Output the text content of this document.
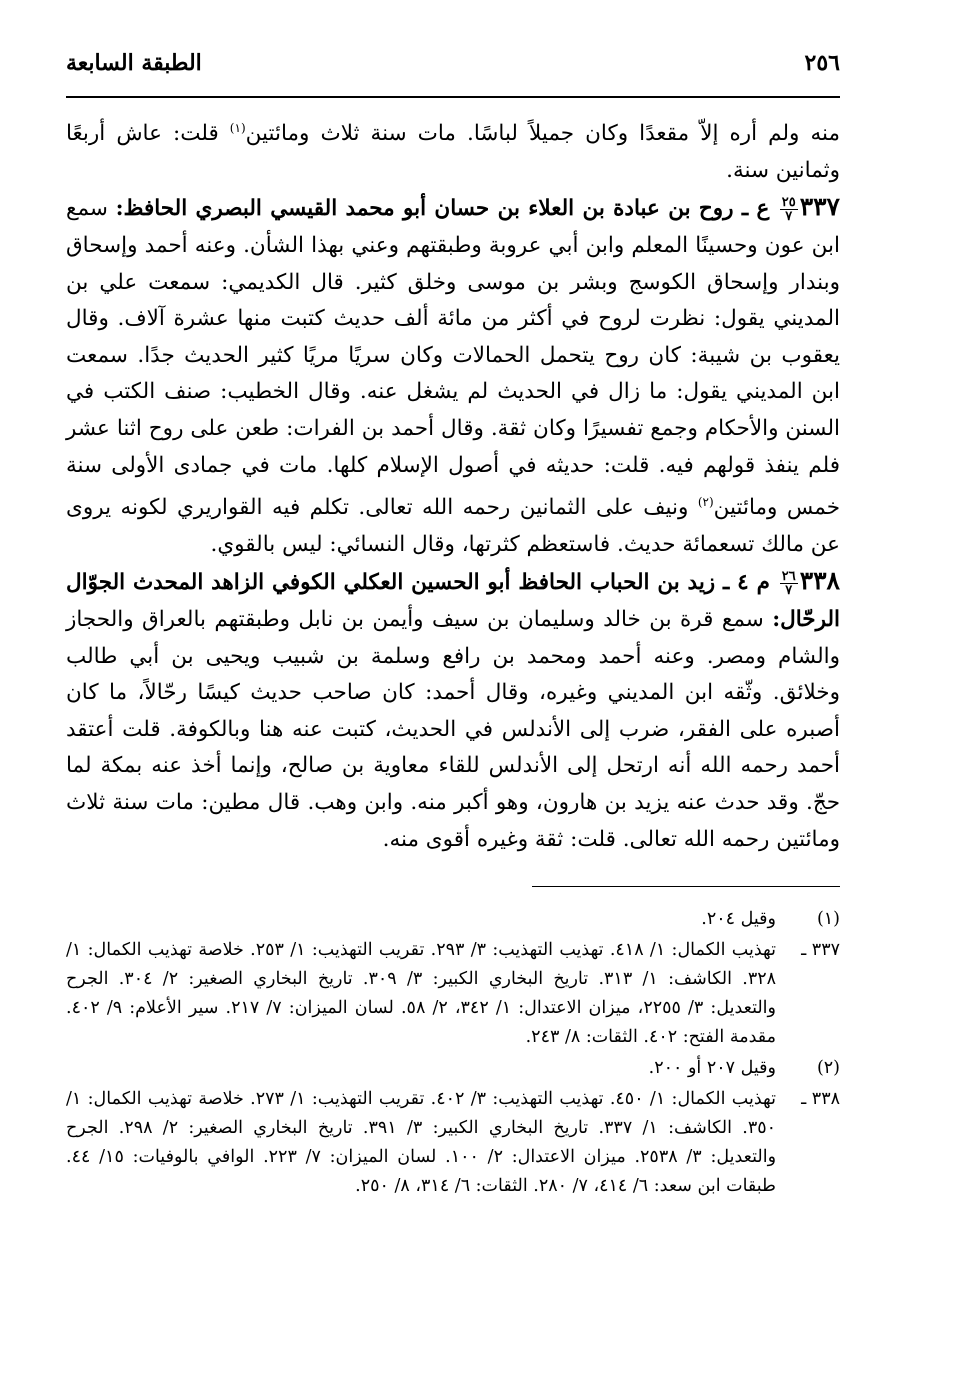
٢٥٦
الطبقة السابعة

منه ولم أره إلاّ مقعدًا وكان جميلاً لباسًا. مات سنة ثلاث ومائتين$^{(١)}$ قلت: عاش أربعًا وثمانين سنة.

٣٣٧
$\frac{٢٥}{٧}$
ع ـ روح بن عبادة بن العلاء بن حسان أبو محمد القيسي البصري الحافظ: سمع ابن عون وحسينًا المعلم وابن أبي عروبة وطبقتهم وعني بهذا الشأن. وعنه أحمد وإسحاق وبندار وإسحاق الكوسج وبشر بن موسى وخلق كثير. قال الكديمي: سمعت علي بن المديني يقول: نظرت لروح في أكثر من مائة ألف حديث كتبت منها عشرة آلاف. وقال يعقوب بن شيبة: كان روح يتحمل الحمالات وكان سريًا مريًا كثير الحديث جدًا. سمعت ابن المديني يقول: ما زال في الحديث لم يشغل عنه. وقال الخطيب: صنف الكتب في السنن والأحكام وجمع تفسيرًا وكان ثقة. وقال أحمد بن الفرات: طعن على روح اثنا عشر فلم ينفذ قولهم فيه. قلت: حديثه في أصول الإسلام كلها. مات في جمادى الأولى سنة خمس ومائتين$^{(٢)}$ ونيف على الثمانين رحمه الله تعالى. تكلم فيه القواريري لكونه يروى عن مالك تسعمائة حديث. فاستعظم كثرتها، وقال النسائي: ليس بالقوي.

٣٣٨
$\frac{٢٦}{٧}$
م ٤ ـ زيد بن الحباب الحافظ أبو الحسين العكلي الكوفي الزاهد المحدث الجوّال الرحّال: سمع قرة بن خالد وسليمان بن سيف وأيمن بن نابل وطبقتهم بالعراق والحجاز والشام ومصر. وعنه أحمد ومحمد بن رافع وسلمة بن شبيب ويحيى بن أبي طالب وخلائق. وثّقه ابن المديني وغيره، وقال أحمد: كان صاحب حديث كيسًا رحّالاً، ما كان أصبره على الفقر، ضرب إلى الأندلس في الحديث، كتبت عنه هنا وبالكوفة. قلت أعتقد أحمد رحمه الله أنه ارتحل إلى الأندلس للقاء معاوية بن صالح، وإنما أخذ عنه بمكة لما حجّ. وقد حدث عنه يزيد بن هارون، وهو أكبر منه. وابن وهب. قال مطين: مات سنة ثلاث ومائتين رحمه الله تعالى. قلت: ثقة وغيره أقوى منه.

(١)
وقيل ٢٠٤.
٣٣٧ ـ
تهذيب الكمال: ١/ ٤١٨. تهذيب التهذيب: ٣/ ٢٩٣. تقريب التهذيب: ١/ ٢٥٣. خلاصة تهذيب الكمال: ١/ ٣٢٨. الكاشف: ١/ ٣١٣. تاريخ البخاري الكبير: ٣/ ٣٠٩. تاريخ البخاري الصغير: ٢/ ٣٠٤. الجرح والتعديل: ٣/ ٢٢٥٥، ميزان الاعتدال: ١/ ٣٤٢، ٢/ ٥٨. لسان الميزان: ٧/ ٢١٧. سير الأعلام: ٩/ ٤٠٢. مقدمة الفتح: ٤٠٢. الثقات: ٨/ ٢٤٣.
(٢)
وقيل ٢٠٧ أو ٢٠٠.
٣٣٨ ـ
تهذيب الكمال: ١/ ٤٥٠. تهذيب التهذيب: ٣/ ٤٠٢. تقريب التهذيب: ١/ ٢٧٣. خلاصة تهذيب الكمال: ١/ ٣٥٠. الكاشف: ١/ ٣٣٧. تاريخ البخاري الكبير: ٣/ ٣٩١. تاريخ البخاري الصغير: ٢/ ٢٩٨. الجرح والتعديل: ٣/ ٢٥٣٨. ميزان الاعتدال: ٢/ ١٠٠. لسان الميزان: ٧/ ٢٢٣. الوافي بالوفيات: ١٥/ ٤٤. طبقات ابن سعد: ٦/ ٤١٤، ٧/ ٢٨٠. الثقات: ٦/ ٣١٤، ٨/ ٢٥٠.
